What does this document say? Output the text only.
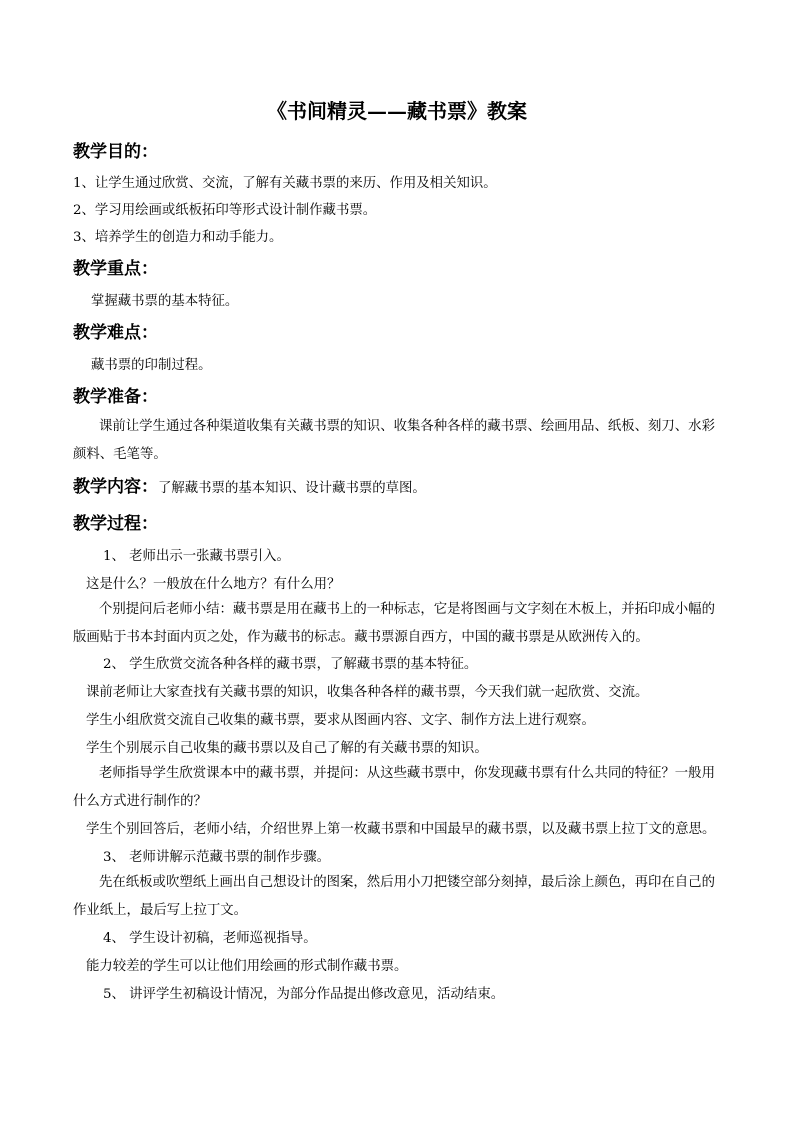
《书间精灵——藏书票》教案
教学目的：
1、让学生通过欣赏、交流，了解有关藏书票的来历、作用及相关知识。
2、学习用绘画或纸板拓印等形式设计制作藏书票。
3、培养学生的创造力和动手能力。
教学重点：
掌握藏书票的基本特征。
教学难点：
藏书票的印制过程。
教学准备：
课前让学生通过各种渠道收集有关藏书票的知识、收集各种各样的藏书票、绘画用品、纸板、刻刀、水彩颜料、毛笔等。
教学内容：了解藏书票的基本知识、设计藏书票的草图。
教学过程：
1、 老师出示一张藏书票引入。
这是什么？一般放在什么地方？有什么用？
个别提问后老师小结：藏书票是用在藏书上的一种标志，它是将图画与文字刻在木板上，并拓印成小幅的版画贴于书本封面内页之处，作为藏书的标志。藏书票源自西方，中国的藏书票是从欧洲传入的。
2、 学生欣赏交流各种各样的藏书票，了解藏书票的基本特征。
课前老师让大家查找有关藏书票的知识，收集各种各样的藏书票，今天我们就一起欣赏、交流。
学生小组欣赏交流自己收集的藏书票，要求从图画内容、文字、制作方法上进行观察。
学生个别展示自己收集的藏书票以及自己了解的有关藏书票的知识。
老师指导学生欣赏课本中的藏书票，并提问：从这些藏书票中，你发现藏书票有什么共同的特征？一般用什么方式进行制作的？
学生个别回答后，老师小结，介绍世界上第一枚藏书票和中国最早的藏书票，以及藏书票上拉丁文的意思。
3、 老师讲解示范藏书票的制作步骤。
先在纸板或吹塑纸上画出自己想设计的图案，然后用小刀把镂空部分刻掉，最后涂上颜色，再印在自己的作业纸上，最后写上拉丁文。
4、 学生设计初稿，老师巡视指导。
能力较差的学生可以让他们用绘画的形式制作藏书票。
5、 讲评学生初稿设计情况，为部分作品提出修改意见，活动结束。
